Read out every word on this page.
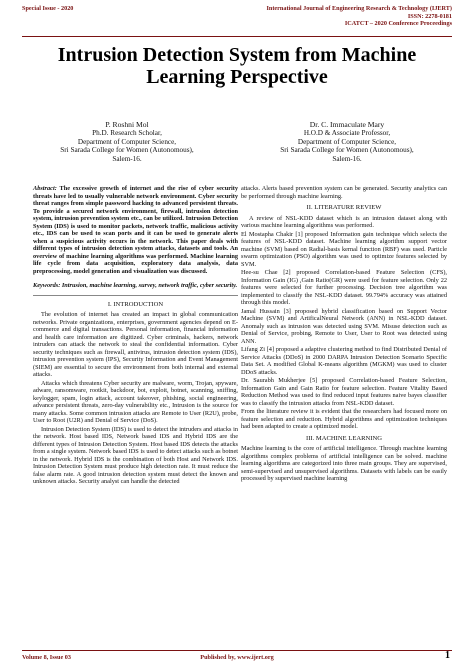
Special Issue - 2020	International Journal of Engineering Research & Technology (IJERT)
ISSN: 2278-0181
ICATCT – 2020 Conference Proceedings
Intrusion Detection System from Machine
Learning Perspective
P. Roshni Mol
Ph.D. Research Scholar,
Department of Computer Science,
Sri Sarada College for Women (Autonomous),
Salem-16.
Dr. C. Immaculate Mary
H.O.D & Associate Professor,
Department of Computer Science,
Sri Sarada College for Women (Autonomous),
Salem-16.

Abstract: The excessive growth of internet and the rise of cyber security threats have led to usually vulnerable network environment. Cyber security threat ranges from simple password hacking to advanced persistent threats. To provide a secured network environment, firewall, intrusion detection system, intrusion prevention system etc., can be utilized. Intrusion Detection System (IDS) is used to monitor packets, network traffic, malicious activity etc., IDS can be used to scan ports and it can be used to generate alerts when a suspicious activity occurs in the network. This paper deals with different types of intrusion detection system attacks, datasets and tools. An overview of machine learning algorithms was performed. Machine learning life cycle from data acquisition, exploratory data analysis, data preprocessing, model generation and visualization was discussed.

Keywords: Intrusion, machine learning, survey, network traffic, cyber security.

I. INTRODUCTION

The evolution of internet has created an impact in global communication networks. Private organizations, enterprises, government agencies depend on E-commerce and digital transactions. Personal information, financial information and health care information are digitized. Cyber criminals, hackers, network intruders can attack the network to steal the confidential information. Cyber security techniques such as firewall, antivirus, intrusion detection system (IDS), intrusion prevention system (IPS), Security Information and Event Management (SIEM) are essential to secure the environment from both internal and external attacks.

Attacks which threatens Cyber security are malware, worm, Trojan, spyware, adware, ransomware, rootkit, backdoor, bot, exploit, botnet, scanning, sniffing, keylogger, spam, login attack, account takeover, phishing, social engineering, advance persistent threats, zero-day vulnerability etc., Intrusion is the source for many attacks. Some common intrusion attacks are Remote to User (R2U), probe, User to Root (U2R) and Denial of Service (DoS).

Intrusion Detection System (IDS) is used to detect the intruders and attacks in the network. Host based IDS, Network based IDS and Hybrid IDS are the different types of Intrusion Detection System. Host based IDS detects the attacks from a single system. Network based IDS is used to detect attacks such as botnet in the network. Hybrid IDS is the combination of both Host and Network IDS. Intrusion Detection System must produce high detection rate. It must reduce the false alarm rate. A good intrusion detection system must detect the known and unknown attacks. Security analyst can handle the detected

attacks. Alerts based prevention system can be generated. Security analytics can be performed through machine learning.

II. LITERATURE REVIEW

A review of NSL-KDD dataset which is an intrusion dataset along with various machine learning algorithms was performed.

El Mostapha Chakir [1] proposed Information gain technique which selects the features of NSL-KDD dataset. Machine learning algorithm support vector machine (SVM) based on Radial-basis kernal function (RBF) was used. Particle swarm optimization (PSO) algorithm was used to optimize features selected by SVM.

Hee-su Chae [2] proposed Correlation-based Feature Selection (CFS), Information Gain (IG) ,Gain Ratio(GR) were used for feature selection. Only 22 features were selected for further processing. Decision tree algorithm was implemented to classify the NSL-KDD dataset. 99.794% accuracy was attained through this model.

Jamal Hussain [3] proposed hybrid classification based on Support Vector Machine (SVM) and ArtificalNeural Network (ANN) in NSL-KDD dataset. Anomaly such as intrusion was detected using SVM. Misuse detection such as Denial of Service, probing, Remote to User, User to Root was detected using ANN.

Lifang Zi [4] proposed a adaptive clustering method to find Distributed Denial of Service Attacks (DDoS) in 2000 DARPA Intrusion Detection Scenario Specific Data Set. A modified Global K-means algorithm (MGKM) was used to cluster DDoS attacks.

Dr. Saurabh Mukherjee [5] proposed Correlation-based Feature Selection, Information Gain and Gain Ratio for feature selection. Feature Vitality Based Reduction Method was used to find reduced input features naive bayes classifier was to classify the intrusion attacks from NSL-KDD dataset.

From the literature review it is evident that the researchers had focused more on feature selection and reduction. Hybrid algorithms and optimization techniques had been adapted to create a optimized model.

III. MACHINE LEARNING

Machine learning is the core of artificial intelligence. Through machine learning algorithms complex problems of artificial intelligence can be solved. machine learning algorithms are categorized into three main groups. They are supervised, semi-supervised and unsupervised algorithms. Datasets with labels can be easily processed by supervised machine learning

Volume 8, Issue 03	Published by, www.ijert.org	1
